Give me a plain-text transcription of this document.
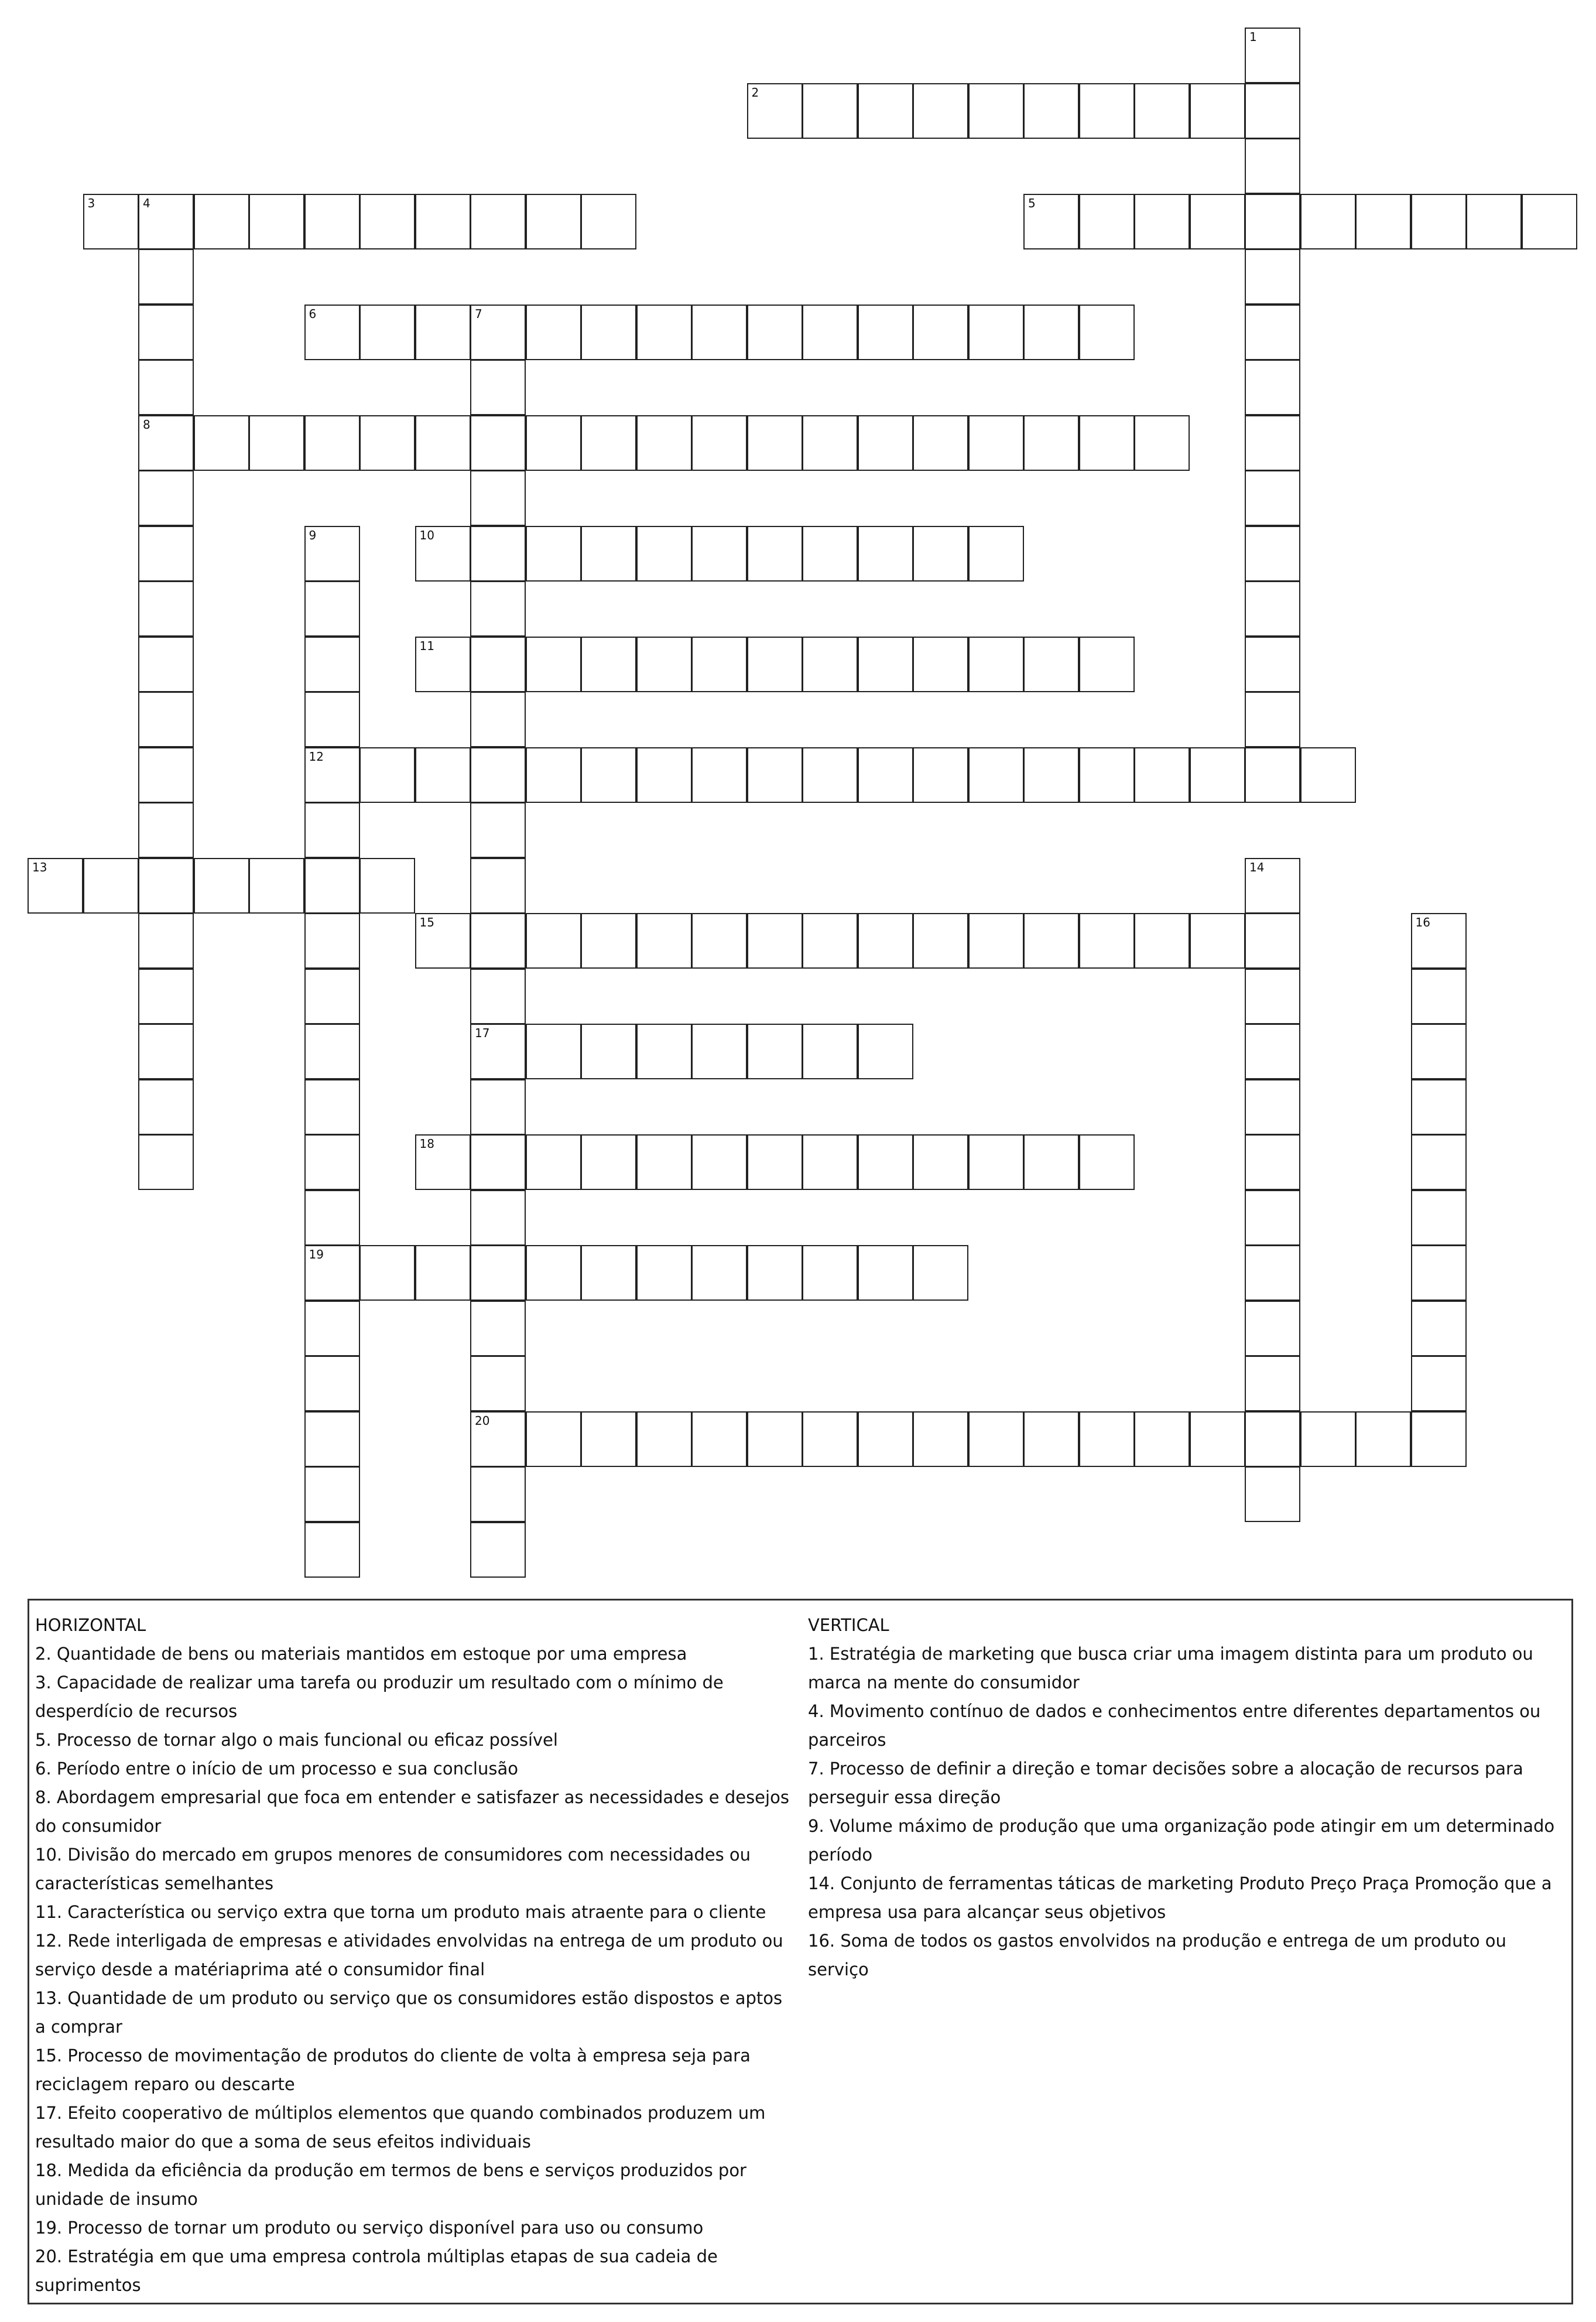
2
3	4	5
6	7
8
10
11
12
13
15
17
18
19
20
1
9
14
16
HORIZONTAL
2. Quantidade de bens ou materiais mantidos em estoque por uma empresa
3. Capacidade de realizar uma tarefa ou produzir um resultado com o mínimo de desperdício de recursos
5. Processo de tornar algo o mais funcional ou eficaz possível
6. Período entre o início de um processo e sua conclusão
8. Abordagem empresarial que foca em entender e satisfazer as necessidades e desejos do consumidor
10. Divisão do mercado em grupos menores de consumidores com necessidades ou características semelhantes
11. Característica ou serviço extra que torna um produto mais atraente para o cliente
12. Rede interligada de empresas e atividades envolvidas na entrega de um produto ou serviço desde a matériaprima até o consumidor final
13. Quantidade de um produto ou serviço que os consumidores estão dispostos e aptos a comprar
15. Processo de movimentação de produtos do cliente de volta à empresa seja para reciclagem reparo ou descarte
17. Efeito cooperativo de múltiplos elementos que quando combinados produzem um resultado maior do que a soma de seus efeitos individuais
18. Medida da eficiência da produção em termos de bens e serviços produzidos por unidade de insumo
19. Processo de tornar um produto ou serviço disponível para uso ou consumo
20. Estratégia em que uma empresa controla múltiplas etapas de sua cadeia de suprimentos
VERTICAL
1. Estratégia de marketing que busca criar uma imagem distinta para um produto ou marca na mente do consumidor
4. Movimento contínuo de dados e conhecimentos entre diferentes departamentos ou parceiros
7. Processo de definir a direção e tomar decisões sobre a alocação de recursos para perseguir essa direção
9. Volume máximo de produção que uma organização pode atingir em um determinado período
14. Conjunto de ferramentas táticas de marketing Produto Preço Praça Promoção que a empresa usa para alcançar seus objetivos
16. Soma de todos os gastos envolvidos na produção e entrega de um produto ou serviço
